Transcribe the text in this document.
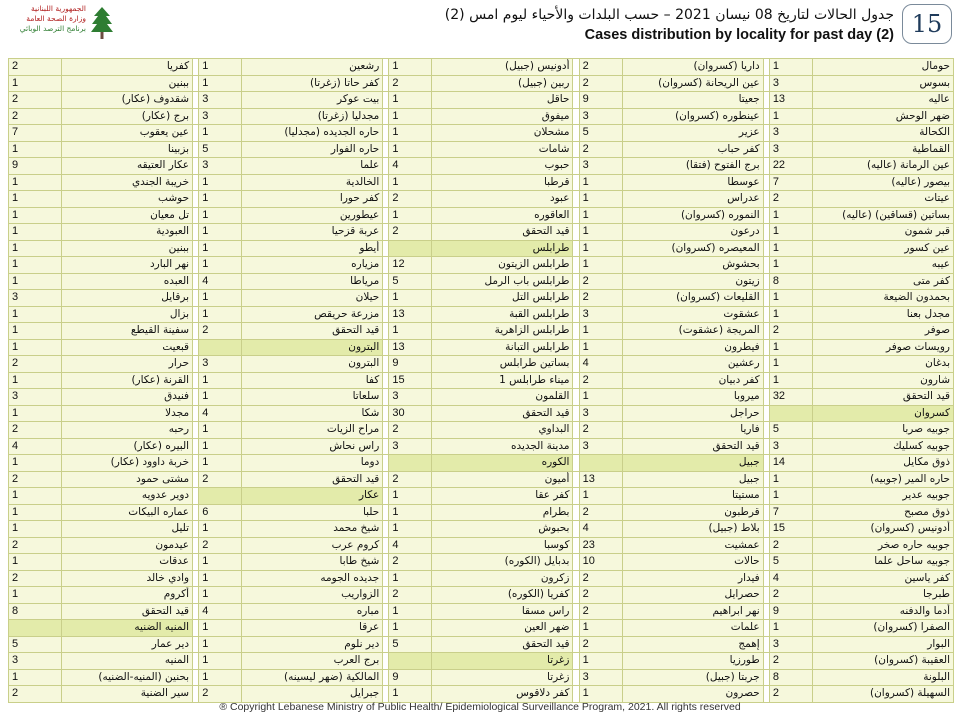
الجمهورية اللبنانية
وزارة الصحة العامة
برنامج الترصد الوبائي
جدول الحالات لتاريخ 08 نيسان 2021 – حسب البلدات والأحياء ليوم امس (2)
Cases distribution by locality for past day (2) 15
2	كفريا		1	رشعين		1	أدونيس (جبيل)		2	داريا (كسروان)		1	حومال
1	ببنين		1	كفر حاتا (زغرتا)		2	ربين (جبيل)		2	عين الريحانة (كسروان)		3	بسوس
2	شقدوف (عكار)		3	بيت عوكر		1	حاقل		9	جعيتا		13	عاليه
2	برج (عكار)		3	مجدليا (زغرتا)		1	ميفوق		3	عينطوره (كسروان)		1	ضهر الوحش
7	عين يعقوب		1	حاره الجديده (مجدليا)		1	مشحلان		5	عزير		3	الكحالة
1	بزبينا		5	حاره الفوار		1	شامات		2	كفر حباب		3	القماطية
9	عكار العتيقه		3	علما		4	حبوب		3	برج الفتوح (فتقا)		22	عين الرمانة (عاليه)
1	خريبة الجندي		1	الخالدية		1	قرطبا		1	عوسطا		7	بيصور (عاليه)
1	حوشب		1	كفر حورا		2	عبود		1	عدراس		2	عيتات
1	تل معيان		1	عيطورين		1	العاقوره		1	النموره (كسروان)		1	بساتين (قساقين) (عاليه)
1	العبودية		1	عربة قزحيا		2	قيد التحقق		1	درعون		1	قبر شمون
1	ببنين		1	أيطو			طرابلس		1	المعيصره (كسروان)		1	عين كسور
1	نهر البارد		1	مزياره		12	طرابلس الزيتون		1	بحشوش		1	عيبه
1	العبده		4	مرياطا		5	طرابلس باب الرمل		2	زيتون		8	كفر متى
3	برقايل		1	حيلان		1	طرابلس التل		2	القليعات (كسروان)		1	بحمدون الضيعة
1	بزال		1	مزرعة حريقص		13	طرابلس القبة		3	عشقوت		1	مجدل بعنا
1	سفينة القيطع		2	قيد التحقق		1	طرابلس الزاهرية		1	المريجة (عشقوت)		2	صوفر
1	قبعيت			البترون		13	طرابلس التبانة		1	فيطرون		1	رويسات صوفر
2	حرار		3	البترون		9	بساتين طرابلس		4	رعشين		1	بدغان
1	القرنة (عكار)		1	كفا		15	ميناء طرابلس 1		2	كفر دبيان		1	شارون
3	فنيدق		1	سلعاتا		3	القلمون		1	ميروبا		32	قيد التحقق
1	مجدلا		4	شكا		30	قيد التحقق		3	حراجل			كسروان
2	رحبه		1	مراح الزيات		2	البداوي		2	فاريا		5	جوبيه صربا
4	البيره (عكار)		1	راس نحاش		3	مدينة الجديده		3	قيد التحقق		3	جوبيه كسليك
1	خربة داوود (عكار)		1	دوما			الكوره			جبيل		14	ذوق مكايل
2	مشتى حمود		2	قيد التحقق		2	أميون		13	جبيل		1	حاره المير (جوبيه)
1	دوير عدويه			عكار		1	كفر عقا		1	مستيتا		1	جوبيه عدير
1	عماره البيكات		6	حلبا		1	بطرام		2	قرطبون		7	ذوق مصبح
1	تليل		1	شيخ محمد		1	بحبوش		4	بلاط (جبيل)		15	أدونيس (كسروان)
2	عيدمون		2	كروم عرب		4	كوسبا		23	عمشيت		2	جوبيه حاره صخر
1	عدقات		1	شيخ طابا		2	بدبايل (الكوره)		10	حالات		5	جوبيه ساحل علما
2	وادي خالد		1	جديده الجومه		1	زكرون		2	فيدار		4	كفر ياسين
1	أكروم		1	الزواريب		2	كفريا (الكوره)		2	حصرايل		2	طبرجا
8	قيد التحقق		4	مباره		1	راس مسقا		2	نهر ابراهيم		9	أدما والدفنه
	المنيه الضنيه		1	عرقا		1	ضهر العين		1	علمات		1	الصفرا (كسروان)
5	دير عمار		1	دير نلوم		5	قيد التحقق		2	إهمج		3	البوار
3	المنيه		1	برج العرب			زغرتا		1	طورزيا		2	العقيبة (كسروان)
1	بحنين (المنيه-الضنيه)		1	المالكية (ضهر ليسينه)		9	زغرتا		3	جربتا (جبيل)		8	البلونة
2	سير الضنية		2	جبرايل		1	كفر دلاقوس		1	حصرون		2	السهيلة (كسروان)
® Copyright Lebanese Ministry of Public Health/ Epidemiological Surveillance Program, 2021. All rights reserved
